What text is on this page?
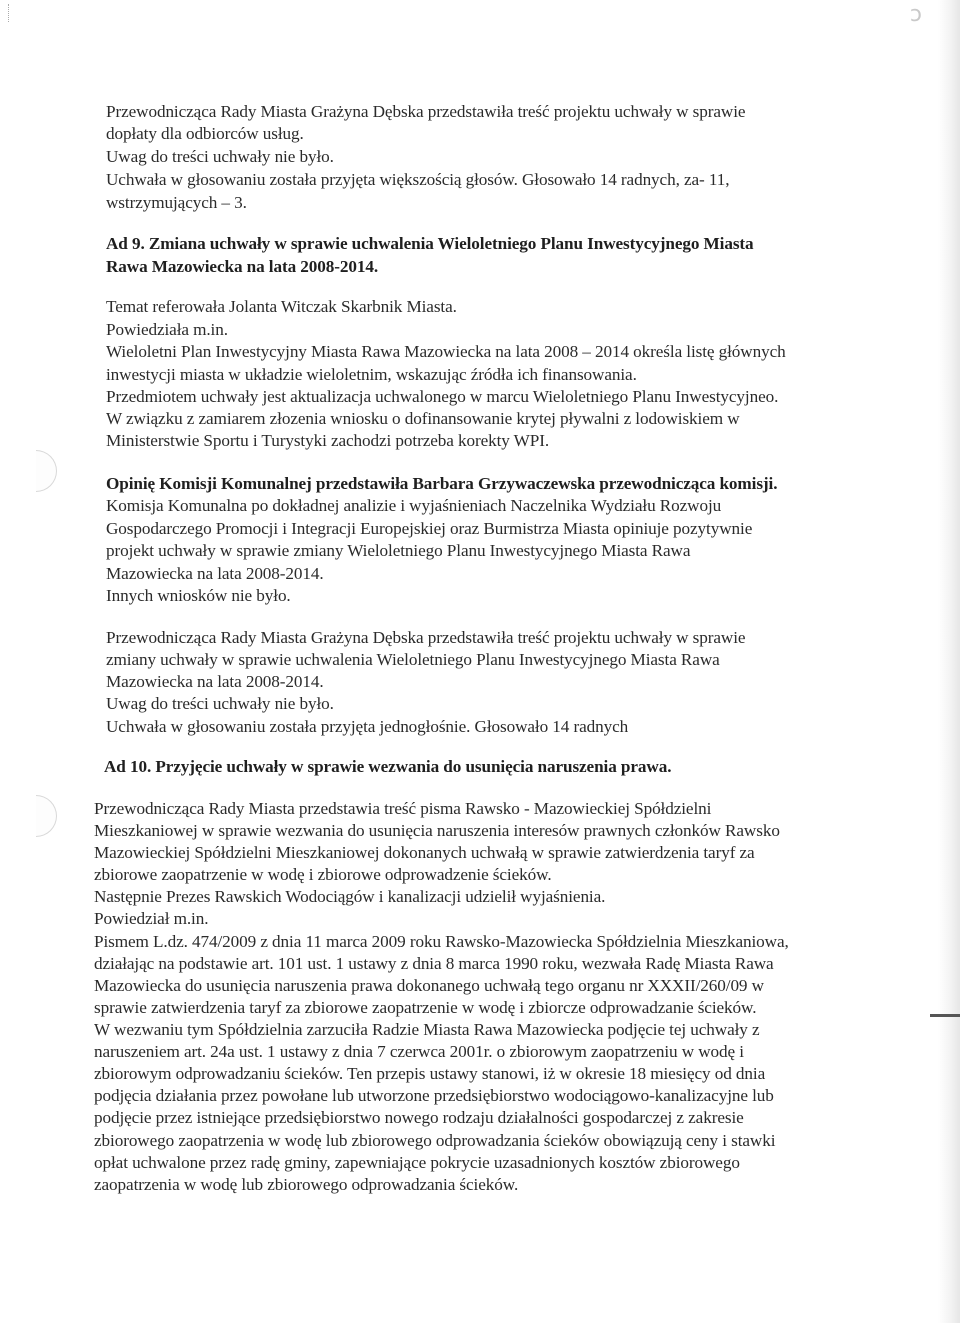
ↄ
Przewodnicząca Rady Miasta Grażyna Dębska przedstawiła treść projektu uchwały w sprawie
dopłaty dla odbiorców usług.
Uwag do treści uchwały nie było.
Uchwała w głosowaniu została przyjęta większością głosów. Głosowało 14 radnych, za- 11,
wstrzymujących – 3.
Ad 9. Zmiana uchwały w sprawie uchwalenia Wieloletniego Planu Inwestycyjnego Miasta
Rawa Mazowiecka na lata 2008-2014.
Temat referowała Jolanta Witczak Skarbnik Miasta.
Powiedziała m.in.
Wieloletni Plan Inwestycyjny Miasta Rawa Mazowiecka na lata 2008 – 2014 określa listę głównych
inwestycji miasta w układzie wieloletnim, wskazując źródła ich finansowania.
Przedmiotem uchwały jest aktualizacja uchwalonego w marcu Wieloletniego Planu Inwestycyjneo.
W związku z zamiarem złozenia wniosku o dofinansowanie krytej pływalni z lodowiskiem w
Ministerstwie Sportu i Turystyki zachodzi potrzeba korekty WPI.
Opinię Komisji Komunalnej przedstawiła Barbara Grzywaczewska przewodnicząca komisji.
Komisja Komunalna po dokładnej analizie i wyjaśnieniach Naczelnika Wydziału Rozwoju
Gospodarczego Promocji i Integracji Europejskiej oraz Burmistrza Miasta opiniuje pozytywnie
projekt uchwały w sprawie zmiany Wieloletniego Planu Inwestycyjnego Miasta Rawa
Mazowiecka na lata 2008-2014.
Innych wniosków nie było.
Przewodnicząca Rady Miasta Grażyna Dębska przedstawiła treść projektu uchwały w sprawie
zmiany uchwały w sprawie uchwalenia Wieloletniego Planu Inwestycyjnego Miasta Rawa
Mazowiecka na lata 2008-2014.
Uwag do treści uchwały nie było.
Uchwała w głosowaniu została przyjęta jednogłośnie. Głosowało 14 radnych
Ad 10. Przyjęcie uchwały w sprawie wezwania do usunięcia naruszenia prawa.
Przewodnicząca Rady Miasta przedstawia treść pisma Rawsko - Mazowieckiej Spółdzielni
Mieszkaniowej w sprawie wezwania do usunięcia naruszenia interesów prawnych członków Rawsko
Mazowieckiej Spółdzielni Mieszkaniowej dokonanych uchwałą w sprawie zatwierdzenia taryf za
zbiorowe zaopatrzenie w wodę i zbiorowe odprowadzenie ścieków.
Następnie Prezes Rawskich Wodociągów i kanalizacji udzielił wyjaśnienia.
Powiedział m.in.
Pismem L.dz. 474/2009 z dnia 11 marca 2009 roku Rawsko-Mazowiecka Spółdzielnia Mieszkaniowa,
działając na podstawie art. 101 ust. 1 ustawy z dnia 8 marca 1990 roku, wezwała Radę Miasta Rawa
Mazowiecka do usunięcia naruszenia prawa dokonanego uchwałą tego organu nr XXXII/260/09 w
sprawie zatwierdzenia taryf za zbiorowe zaopatrzenie w wodę i zbiorcze odprowadzanie ścieków.
W wezwaniu tym Spółdzielnia zarzuciła Radzie Miasta Rawa Mazowiecka podjęcie tej uchwały z
naruszeniem art. 24a ust. 1 ustawy z dnia 7 czerwca 2001r. o zbiorowym zaopatrzeniu w wodę i
zbiorowym odprowadzaniu ścieków. Ten przepis ustawy stanowi, iż w okresie 18 miesięcy od dnia
podjęcia działania przez powołane lub utworzone przedsiębiorstwo wodociągowo-kanalizacyjne lub
podjęcie przez istniejące przedsiębiorstwo nowego rodzaju działalności gospodarczej z zakresie
zbiorowego zaopatrzenia w wodę lub zbiorowego odprowadzania ścieków obowiązują ceny i stawki
opłat uchwalone przez radę gminy, zapewniające pokrycie uzasadnionych kosztów zbiorowego
zaopatrzenia w wodę lub zbiorowego odprowadzania ścieków.
